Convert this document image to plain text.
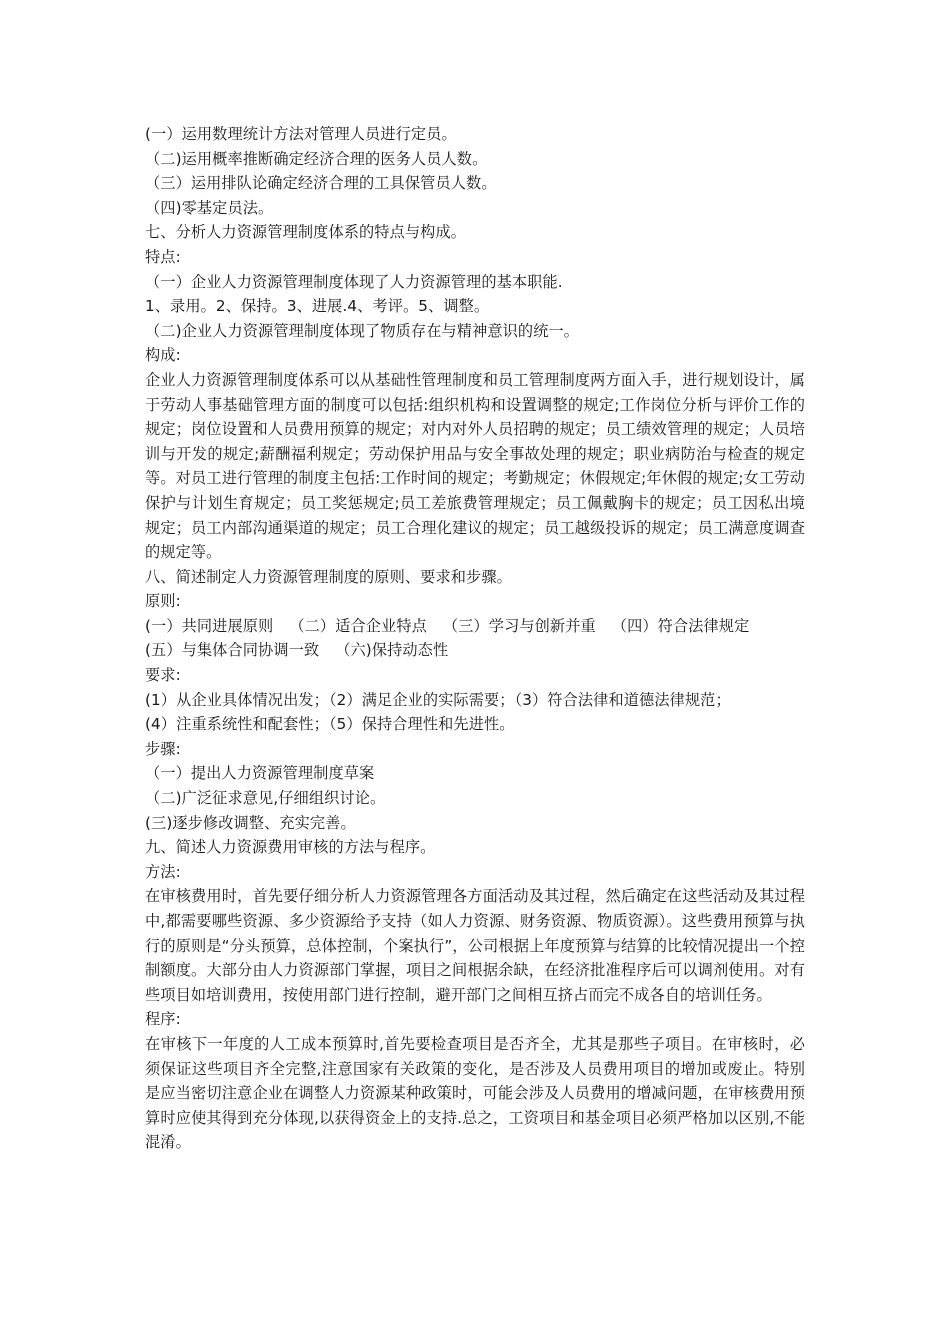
(一）运用数理统计方法对管理人员进行定员。
（二)运用概率推断确定经济合理的医务人员人数。
（三）运用排队论确定经济合理的工具保管员人数。
（四)零基定员法。
七、分析人力资源管理制度体系的特点与构成。
特点:
（一）企业人力资源管理制度体现了人力资源管理的基本职能.
1、录用。2、保持。3、进展.4、考评。5、调整。
（二)企业人力资源管理制度体现了物质存在与精神意识的统一。
构成:
企业人力资源管理制度体系可以从基础性管理制度和员工管理制度两方面入手，进行规划设计，属于劳动人事基础管理方面的制度可以包括:组织机构和设置调整的规定;工作岗位分析与评价工作的规定；岗位设置和人员费用预算的规定；对内对外人员招聘的规定；员工绩效管理的规定；人员培训与开发的规定;薪酬福利规定；劳动保护用品与安全事故处理的规定；职业病防治与检查的规定等。对员工进行管理的制度主包括:工作时间的规定；考勤规定；休假规定;年休假的规定;女工劳动保护与计划生育规定；员工奖惩规定;员工差旅费管理规定；员工佩戴胸卡的规定；员工因私出境规定；员工内部沟通渠道的规定；员工合理化建议的规定；员工越级投诉的规定；员工满意度调查的规定等。
八、简述制定人力资源管理制度的原则、要求和步骤。
原则:
(一）共同进展原则 （二）适合企业特点 （三）学习与创新并重 （四）符合法律规定
(五）与集体合同协调一致 （六)保持动态性
要求:
(1）从企业具体情况出发；（2）满足企业的实际需要；（3）符合法律和道德法律规范；
(4）注重系统性和配套性；（5）保持合理性和先进性。
步骤:
（一）提出人力资源管理制度草案
（二)广泛征求意见,仔细组织讨论。
(三)逐步修改调整、充实完善。
九、简述人力资源费用审核的方法与程序。
方法:
在审核费用时，首先要仔细分析人力资源管理各方面活动及其过程，然后确定在这些活动及其过程中,都需要哪些资源、多少资源给予支持（如人力资源、财务资源、物质资源）。这些费用预算与执行的原则是“分头预算，总体控制，个案执行”，公司根据上年度预算与结算的比较情况提出一个控制额度。大部分由人力资源部门掌握，项目之间根据余缺，在经济批准程序后可以调剂使用。对有些项目如培训费用，按使用部门进行控制，避开部门之间相互挤占而完不成各自的培训任务。
程序:
在审核下一年度的人工成本预算时,首先要检查项目是否齐全，尤其是那些子项目。在审核时，必须保证这些项目齐全完整,注意国家有关政策的变化，是否涉及人员费用项目的增加或废止。特别是应当密切注意企业在调整人力资源某种政策时，可能会涉及人员费用的增减问题，在审核费用预算时应使其得到充分体现,以获得资金上的支持.总之，工资项目和基金项目必须严格加以区别,不能混淆。
